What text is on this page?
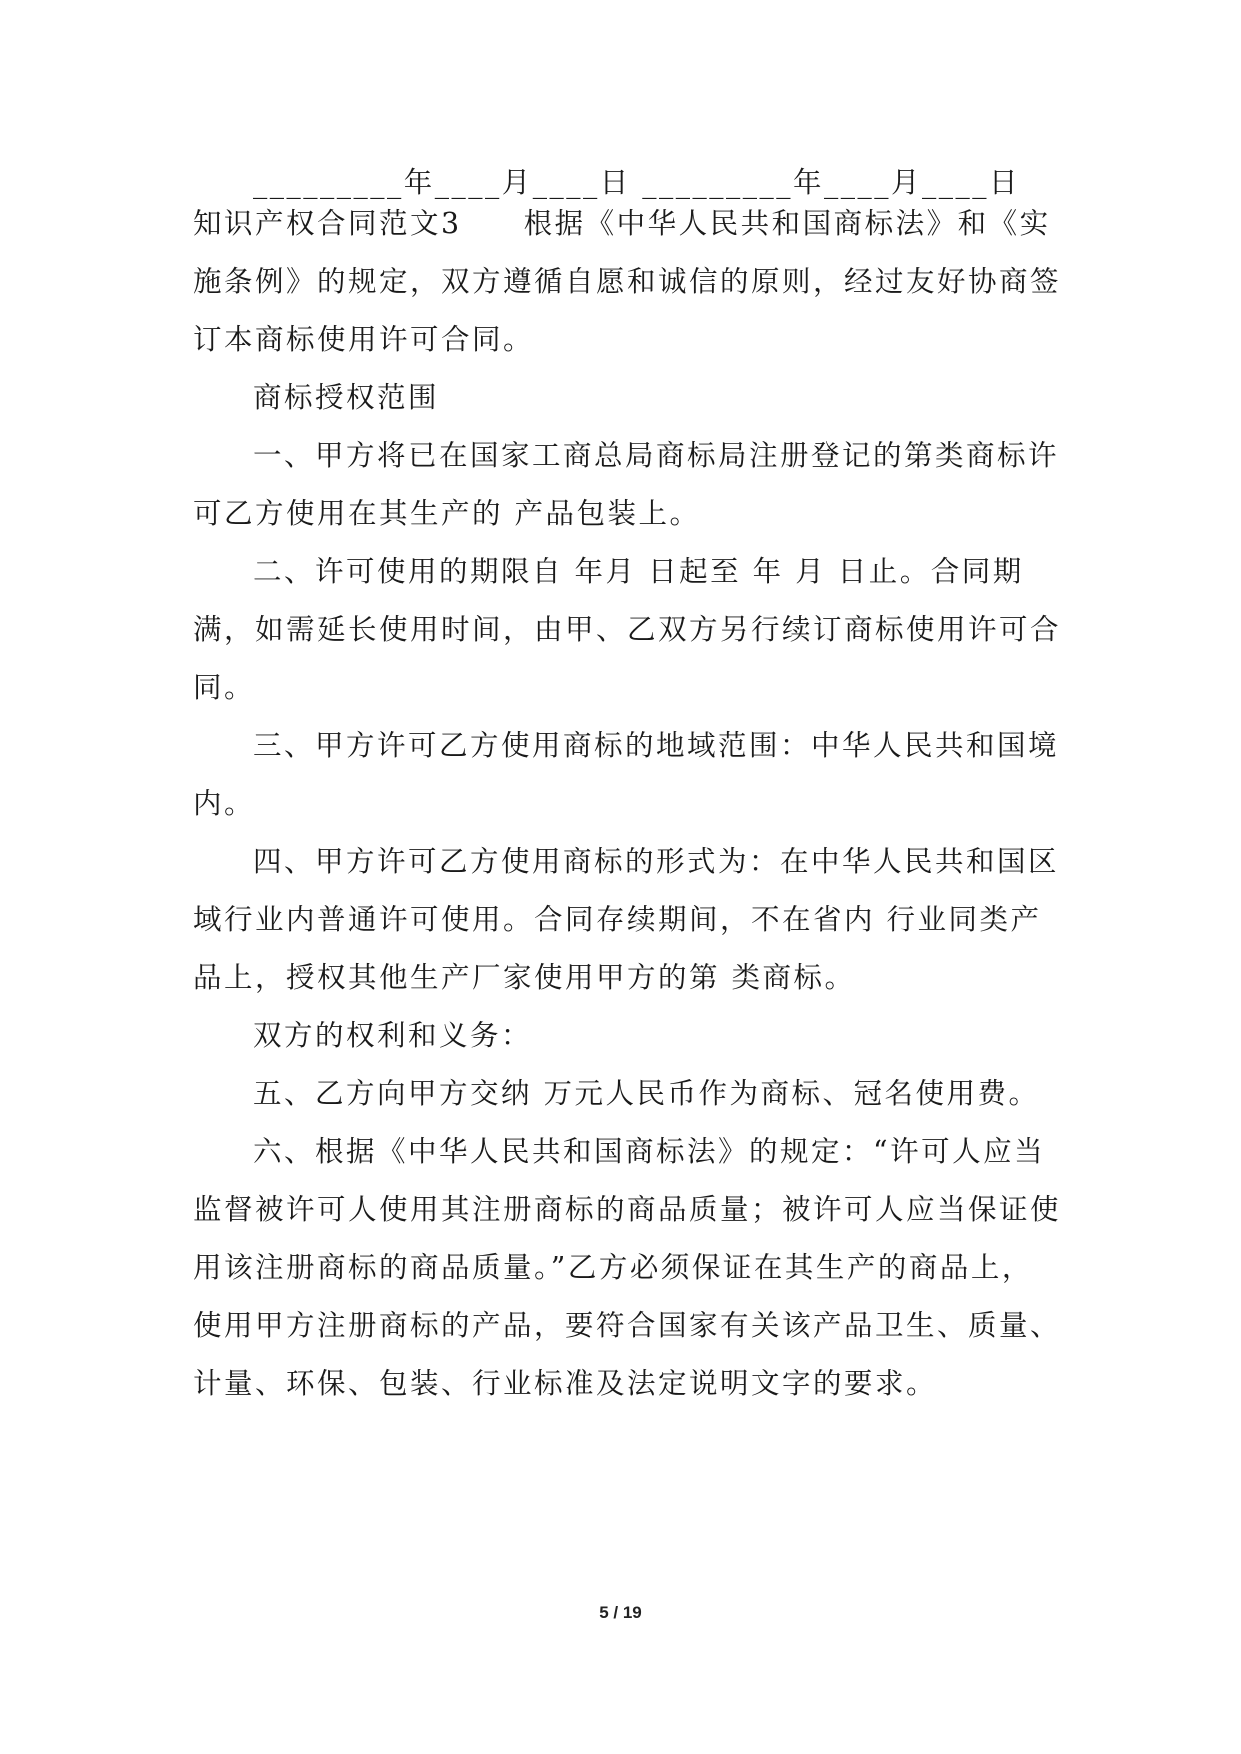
_________年____月____日 _________年____月____日
知识产权合同范文3　　根据《中华人民共和国商标法》和《实
施条例》的规定，双方遵循自愿和诚信的原则，经过友好协商签
订本商标使用许可合同。
商标授权范围
一、甲方将已在国家工商总局商标局注册登记的第类商标许
可乙方使用在其生产的 产品包装上。
二、许可使用的期限自 年月 日起至 年 月 日止。合同期
满，如需延长使用时间，由甲、乙双方另行续订商标使用许可合
同。
三、甲方许可乙方使用商标的地域范围：中华人民共和国境
内。
四、甲方许可乙方使用商标的形式为：在中华人民共和国区
域行业内普通许可使用。合同存续期间，不在省内 行业同类产
品上，授权其他生产厂家使用甲方的第 类商标。
双方的权利和义务：
五、乙方向甲方交纳 万元人民币作为商标、冠名使用费。
六、根据《中华人民共和国商标法》的规定：“许可人应当
监督被许可人使用其注册商标的商品质量；被许可人应当保证使
用该注册商标的商品质量。”乙方必须保证在其生产的商品上，
使用甲方注册商标的产品，要符合国家有关该产品卫生、质量、
计量、环保、包装、行业标准及法定说明文字的要求。
5 / 19
